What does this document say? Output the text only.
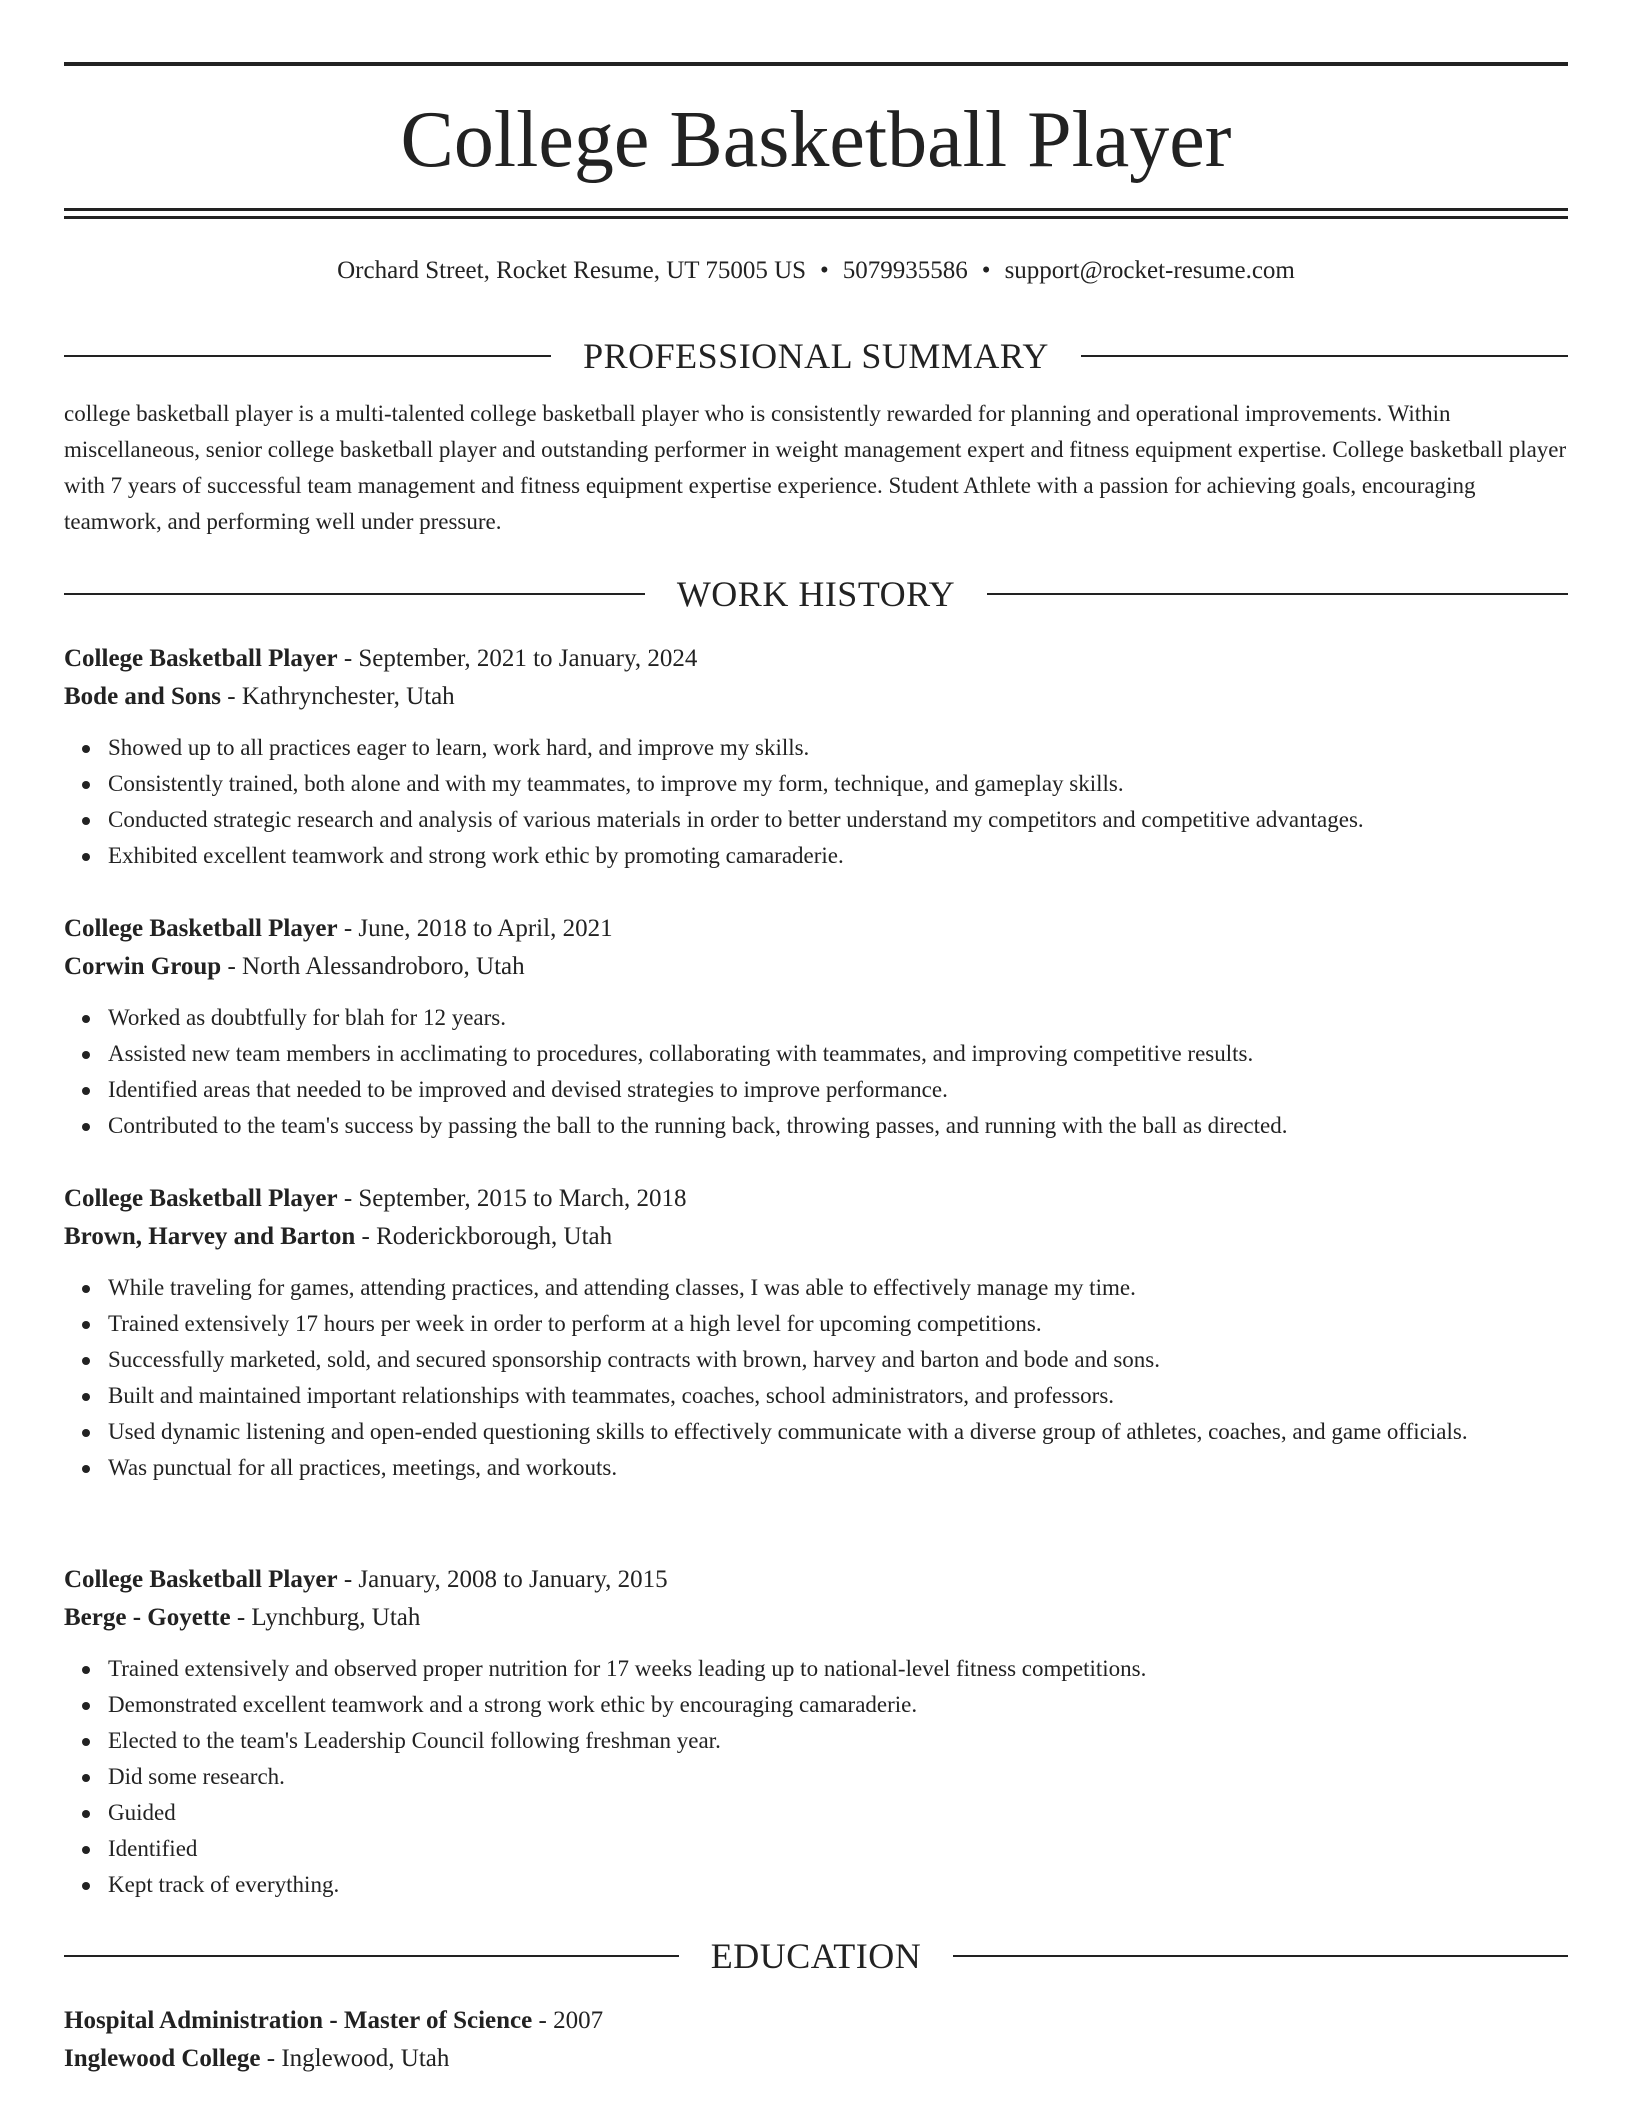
College Basketball Player
Orchard Street, Rocket Resume, UT 75005 US • 5079935586 • support@rocket-resume.com
PROFESSIONAL SUMMARY
college basketball player is a multi-talented college basketball player who is consistently rewarded for planning and operational improvements. Within miscellaneous, senior college basketball player and outstanding performer in weight management expert and fitness equipment expertise. College basketball player with 7 years of successful team management and fitness equipment expertise experience. Student Athlete with a passion for achieving goals, encouraging teamwork, and performing well under pressure.
WORK HISTORY
College Basketball Player - September, 2021 to January, 2024
Bode and Sons - Kathrynchester, Utah
Showed up to all practices eager to learn, work hard, and improve my skills.
Consistently trained, both alone and with my teammates, to improve my form, technique, and gameplay skills.
Conducted strategic research and analysis of various materials in order to better understand my competitors and competitive advantages.
Exhibited excellent teamwork and strong work ethic by promoting camaraderie.
College Basketball Player - June, 2018 to April, 2021
Corwin Group - North Alessandroboro, Utah
Worked as doubtfully for blah for 12 years.
Assisted new team members in acclimating to procedures, collaborating with teammates, and improving competitive results.
Identified areas that needed to be improved and devised strategies to improve performance.
Contributed to the team's success by passing the ball to the running back, throwing passes, and running with the ball as directed.
College Basketball Player - September, 2015 to March, 2018
Brown, Harvey and Barton - Roderickborough, Utah
While traveling for games, attending practices, and attending classes, I was able to effectively manage my time.
Trained extensively 17 hours per week in order to perform at a high level for upcoming competitions.
Successfully marketed, sold, and secured sponsorship contracts with brown, harvey and barton and bode and sons.
Built and maintained important relationships with teammates, coaches, school administrators, and professors.
Used dynamic listening and open-ended questioning skills to effectively communicate with a diverse group of athletes, coaches, and game officials.
Was punctual for all practices, meetings, and workouts.
College Basketball Player - January, 2008 to January, 2015
Berge - Goyette - Lynchburg, Utah
Trained extensively and observed proper nutrition for 17 weeks leading up to national-level fitness competitions.
Demonstrated excellent teamwork and a strong work ethic by encouraging camaraderie.
Elected to the team's Leadership Council following freshman year.
Did some research.
Guided
Identified
Kept track of everything.
EDUCATION
Hospital Administration - Master of Science - 2007
Inglewood College - Inglewood, Utah
